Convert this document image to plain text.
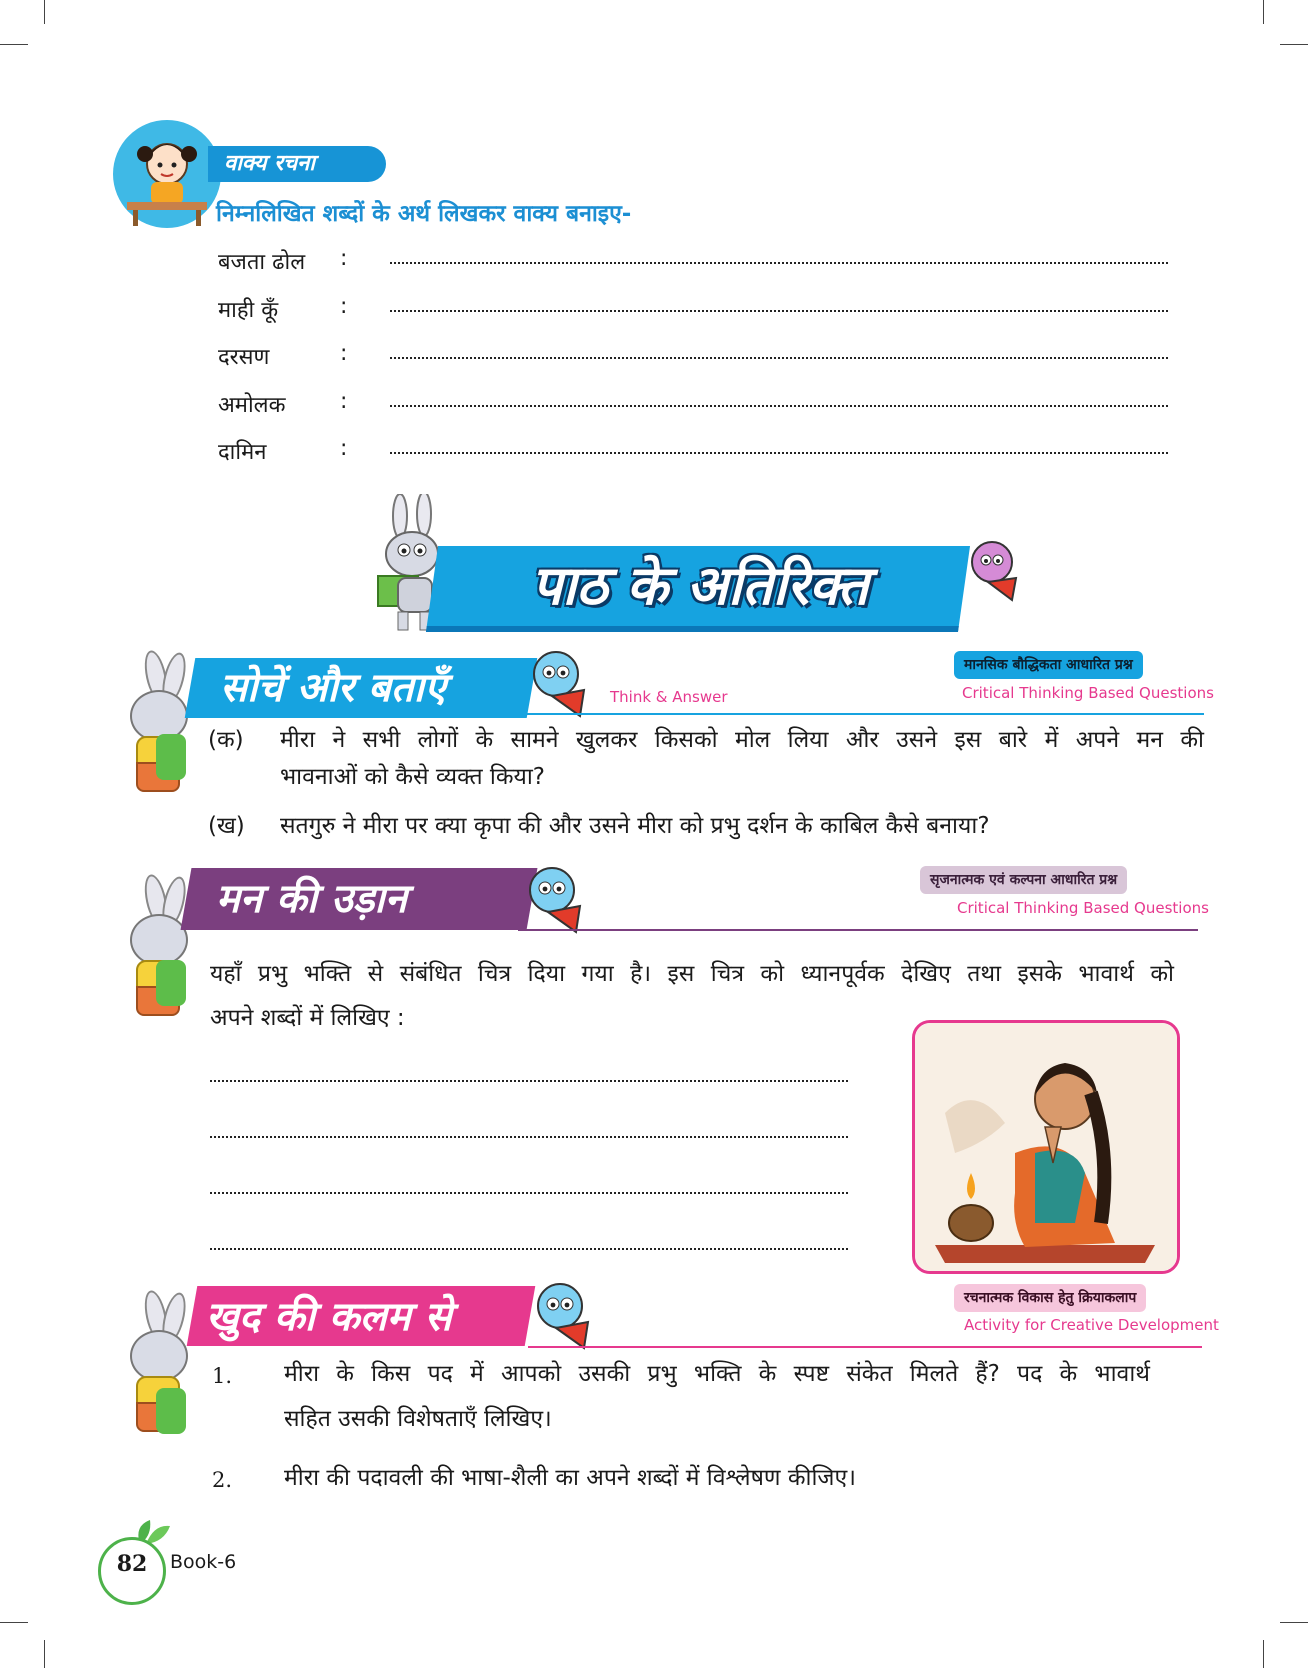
वाक्य रचना
निम्नलिखित शब्दों के अर्थ लिखकर वाक्य बनाइए-
बजता ढोल :
माही कूँ	:
दरसण	:
अमोलक :
दामिन	:
पाठ के अतिरिक्त
सोचें और बताएँ	Think & Answer
मानसिक बौद्धिकता आधारित प्रश्न
Critical Thinking Based Questions
(क) मीरा ने सभी लोगों के सामने खुलकर किसको मोल लिया और उसने इस बारे में अपने मन की
भावनाओं को कैसे व्यक्त किया?
(ख) सतगुरु ने मीरा पर क्या कृपा की और उसने मीरा को प्रभु दर्शन के काबिल कैसे बनाया?
मन की उड़ान	सृजनात्मक एवं कल्पना आधारित प्रश्न
Critical Thinking Based Questions
यहाँ प्रभु भक्ति से संबंधित चित्र दिया गया है। इस चित्र को ध्यानपूर्वक देखिए तथा इसके भावार्थ को
अपने शब्दों में लिखिए :
खुद की कलम से	रचनात्मक विकास हेतु क्रियाकलाप
Activity for Creative Development
1. मीरा के किस पद में आपको उसकी प्रभु भक्ति के स्पष्ट संकेत मिलते हैं? पद के भावार्थ
सहित उसकी विशेषताएँ लिखिए।
2. मीरा की पदावली की भाषा-शैली का अपने शब्दों में विश्लेषण कीजिए।
82	Book-6
